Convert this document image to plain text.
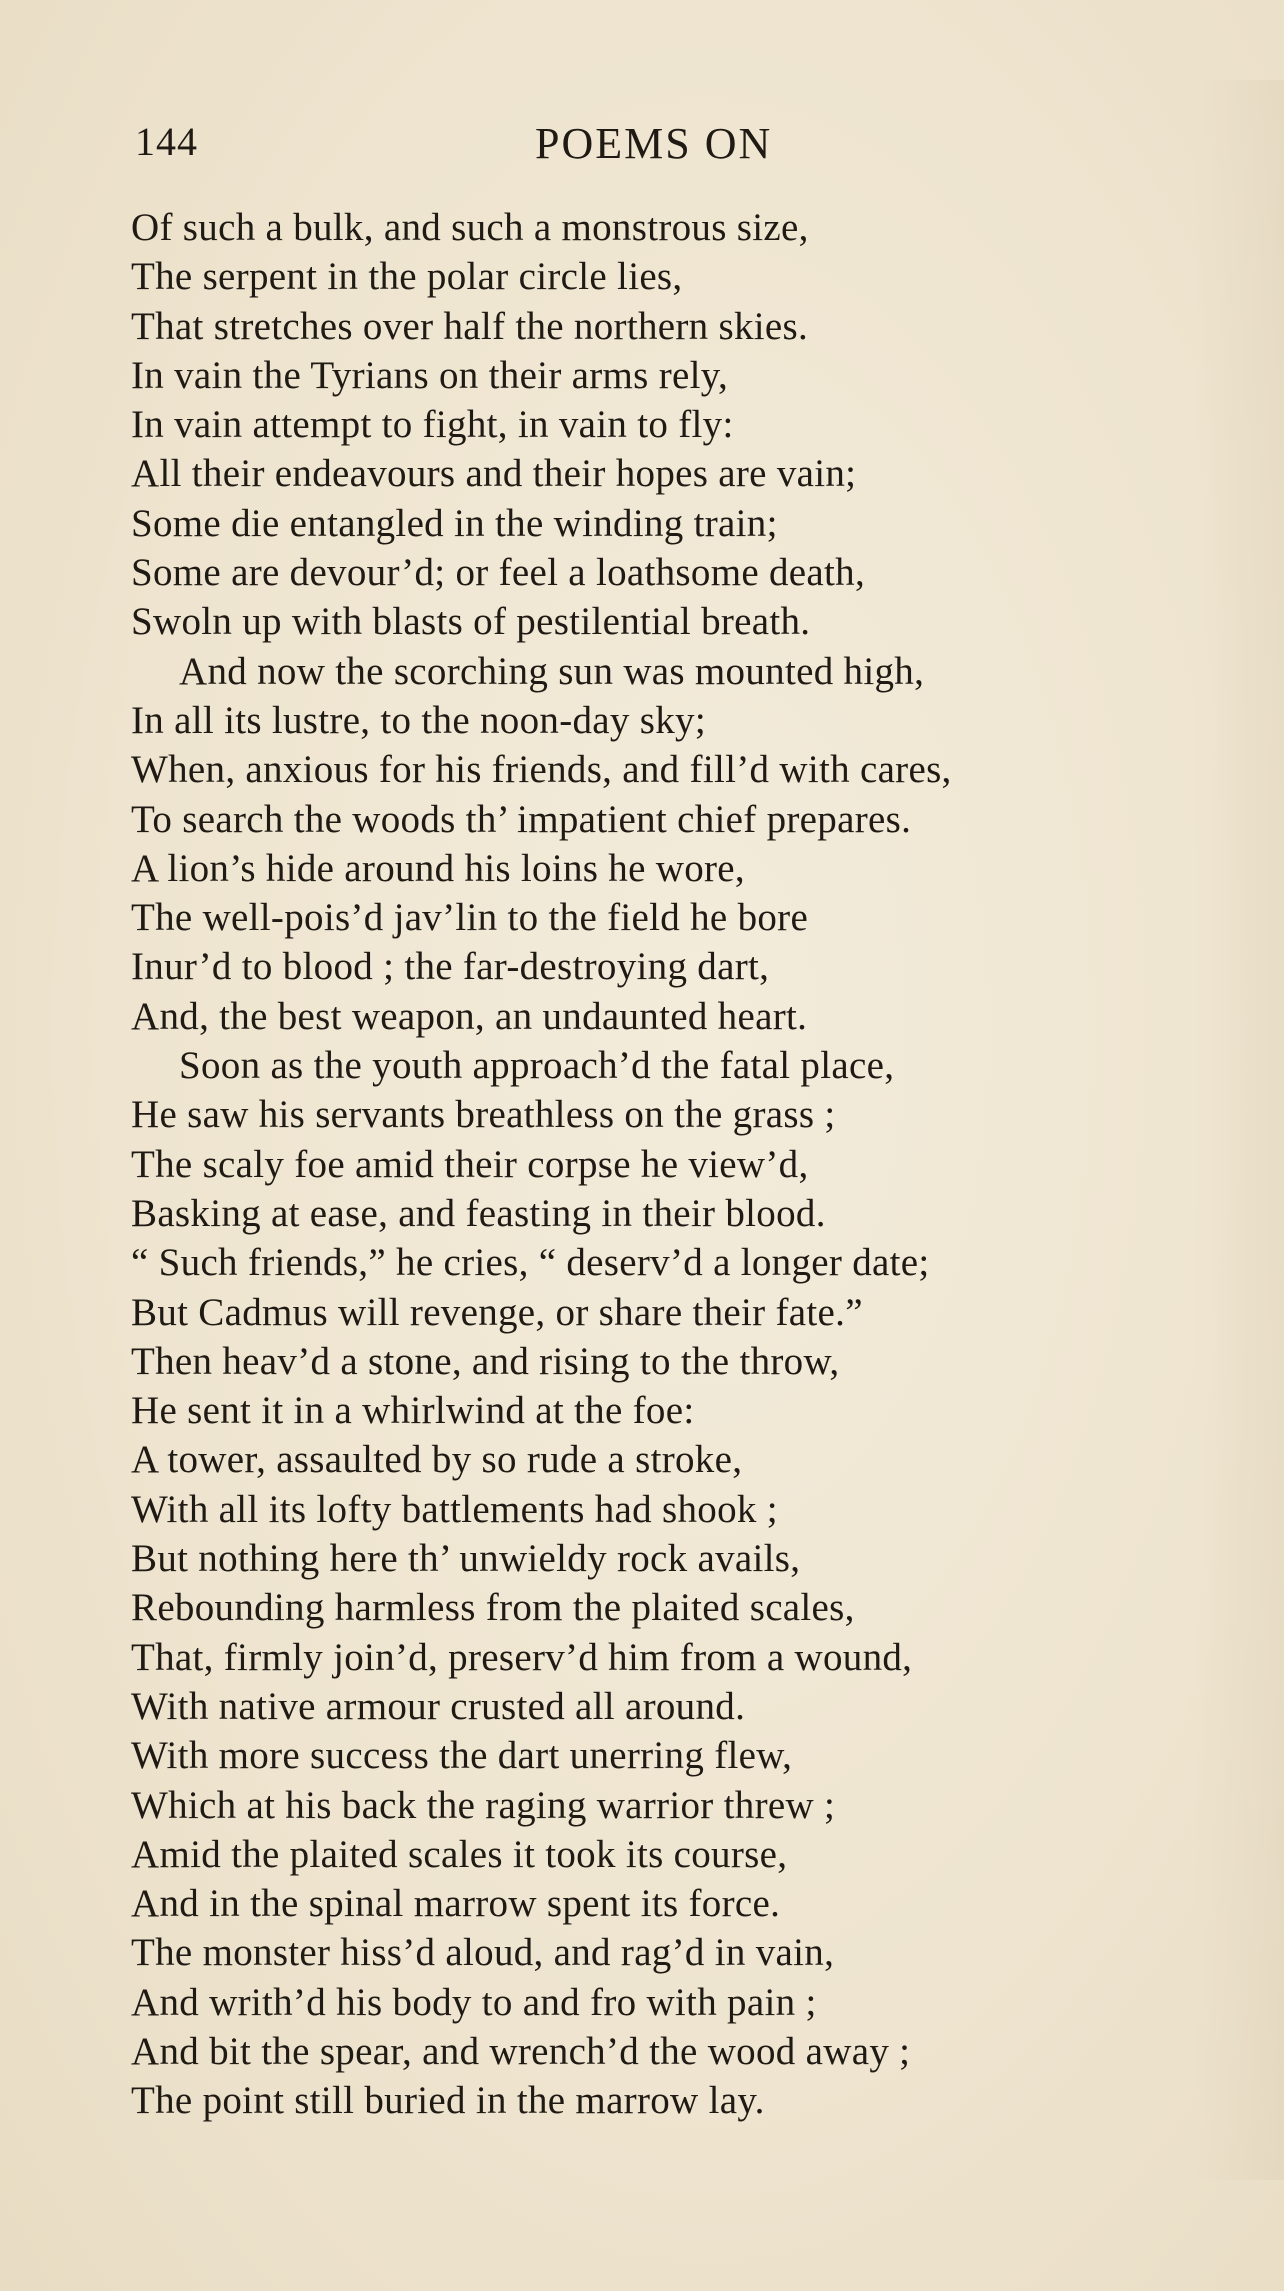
144	POEMS ON
Of such a bulk, and such a monstrous size,
The serpent in the polar circle lies,
That stretches over half the northern skies.
In vain the Tyrians on their arms rely,
In vain attempt to fight, in vain to fly:
All their endeavours and their hopes are vain;
Some die entangled in the winding train;
Some are devour’d; or feel a loathsome death,
Swoln up with blasts of pestilential breath.
And now the scorching sun was mounted high,
In all its lustre, to the noon-day sky;
When, anxious for his friends, and fill’d with cares,
To search the woods th’ impatient chief prepares.
A lion’s hide around his loins he wore,
The well-pois’d jav’lin to the field he bore
Inur’d to blood ; the far-destroying dart,
And, the best weapon, an undaunted heart.
Soon as the youth approach’d the fatal place,
He saw his servants breathless on the grass ;
The scaly foe amid their corpse he view’d,
Basking at ease, and feasting in their blood.
“ Such friends,” he cries, “ deserv’d a longer date;
But Cadmus will revenge, or share their fate.”
Then heav’d a stone, and rising to the throw,
He sent it in a whirlwind at the foe:
A tower, assaulted by so rude a stroke,
With all its lofty battlements had shook ;
But nothing here th’ unwieldy rock avails,
Rebounding harmless from the plaited scales,
That, firmly join’d, preserv’d him from a wound,
With native armour crusted all around.
With more success the dart unerring flew,
Which at his back the raging warrior threw ;
Amid the plaited scales it took its course,
And in the spinal marrow spent its force.
The monster hiss’d aloud, and rag’d in vain,
And writh’d his body to and fro with pain ;
And bit the spear, and wrench’d the wood away ;
The point still buried in the marrow lay.
